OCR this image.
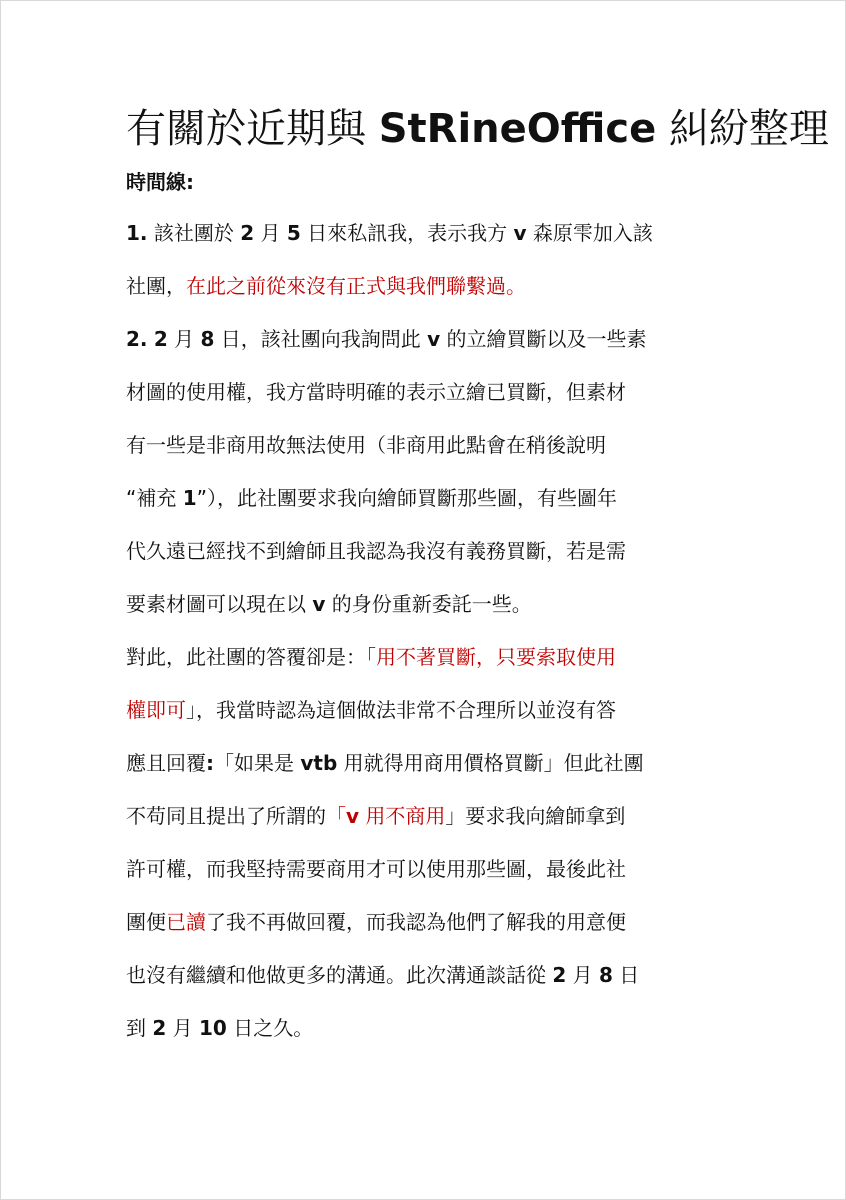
有關於近期與 StRineOffice 糾紛整理
時間線:
1. 該社團於 2 月 5 日來私訊我，表示我方 v 森原雫加入該
社團，在此之前從來沒有正式與我們聯繫過。
2. 2 月 8 日，該社團向我詢問此 v 的立繪買斷以及一些素
材圖的使用權，我方當時明確的表示立繪已買斷，但素材
有一些是非商用故無法使用（非商用此點會在稍後說明
“補充 1”），此社團要求我向繪師買斷那些圖，有些圖年
代久遠已經找不到繪師且我認為我沒有義務買斷，若是需
要素材圖可以現在以 v 的身份重新委託一些。
對此，此社團的答覆卻是：「用不著買斷，只要索取使用
權即可」，我當時認為這個做法非常不合理所以並沒有答
應且回覆:「如果是 vtb 用就得用商用價格買斷」但此社團
不苟同且提出了所謂的「v 用不商用」要求我向繪師拿到
許可權，而我堅持需要商用才可以使用那些圖，最後此社
團便已讀了我不再做回覆，而我認為他們了解我的用意便
也沒有繼續和他做更多的溝通。此次溝通談話從 2 月 8 日
到 2 月 10 日之久。
